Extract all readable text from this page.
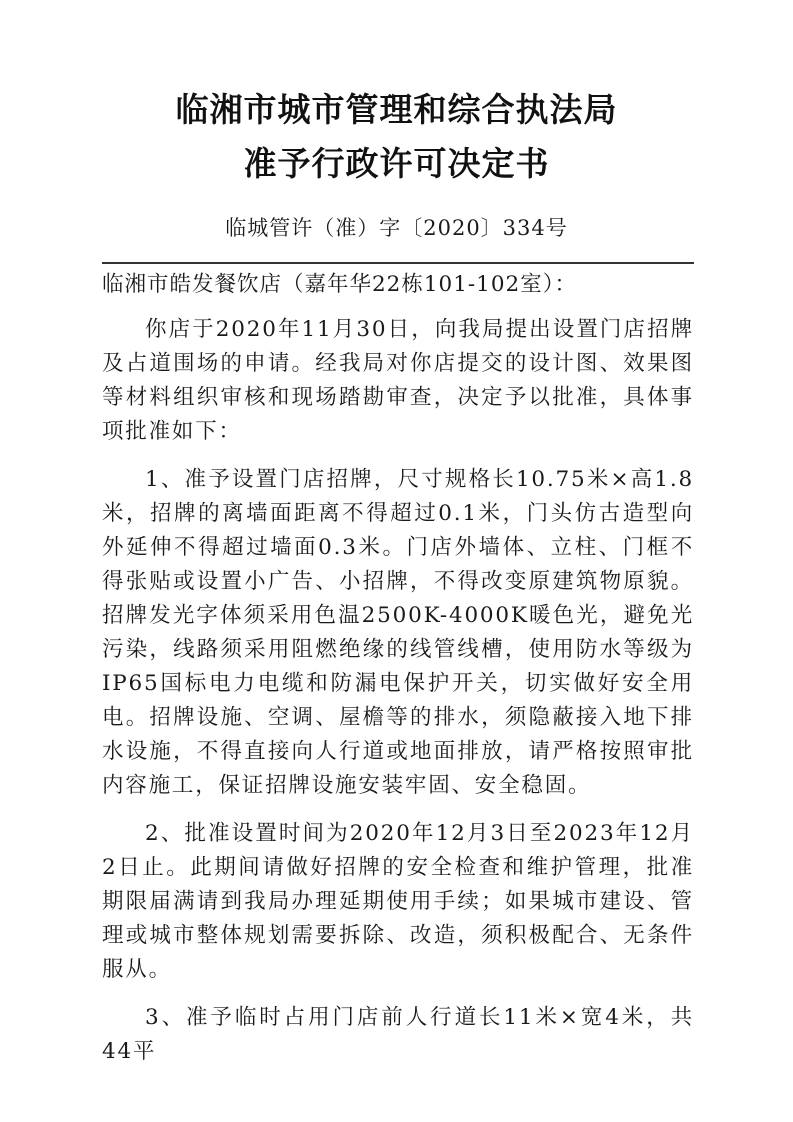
临湘市城市管理和综合执法局
准予行政许可决定书
临城管许（准）字〔2020〕334号

临湘市皓发餐饮店（嘉年华22栋101-102室）：

你店于2020年11月30日，向我局提出设置门店招牌及占道围场的申请。经我局对你店提交的设计图、效果图等材料组织审核和现场踏勘审查，决定予以批准，具体事项批准如下：

1、准予设置门店招牌，尺寸规格长10.75米×高1.8米，招牌的离墙面距离不得超过0.1米，门头仿古造型向外延伸不得超过墙面0.3米。门店外墙体、立柱、门框不得张贴或设置小广告、小招牌，不得改变原建筑物原貌。招牌发光字体须采用色温2500K-4000K暖色光，避免光污染，线路须采用阻燃绝缘的线管线槽，使用防水等级为IP65国标电力电缆和防漏电保护开关，切实做好安全用电。招牌设施、空调、屋檐等的排水，须隐蔽接入地下排水设施，不得直接向人行道或地面排放，请严格按照审批内容施工，保证招牌设施安装牢固、安全稳固。

2、批准设置时间为2020年12月3日至2023年12月2日止。此期间请做好招牌的安全检查和维护管理，批准期限届满请到我局办理延期使用手续；如果城市建设、管理或城市整体规划需要拆除、改造，须积极配合、无条件服从。

3、准予临时占用门店前人行道长11米×宽4米，共44平
